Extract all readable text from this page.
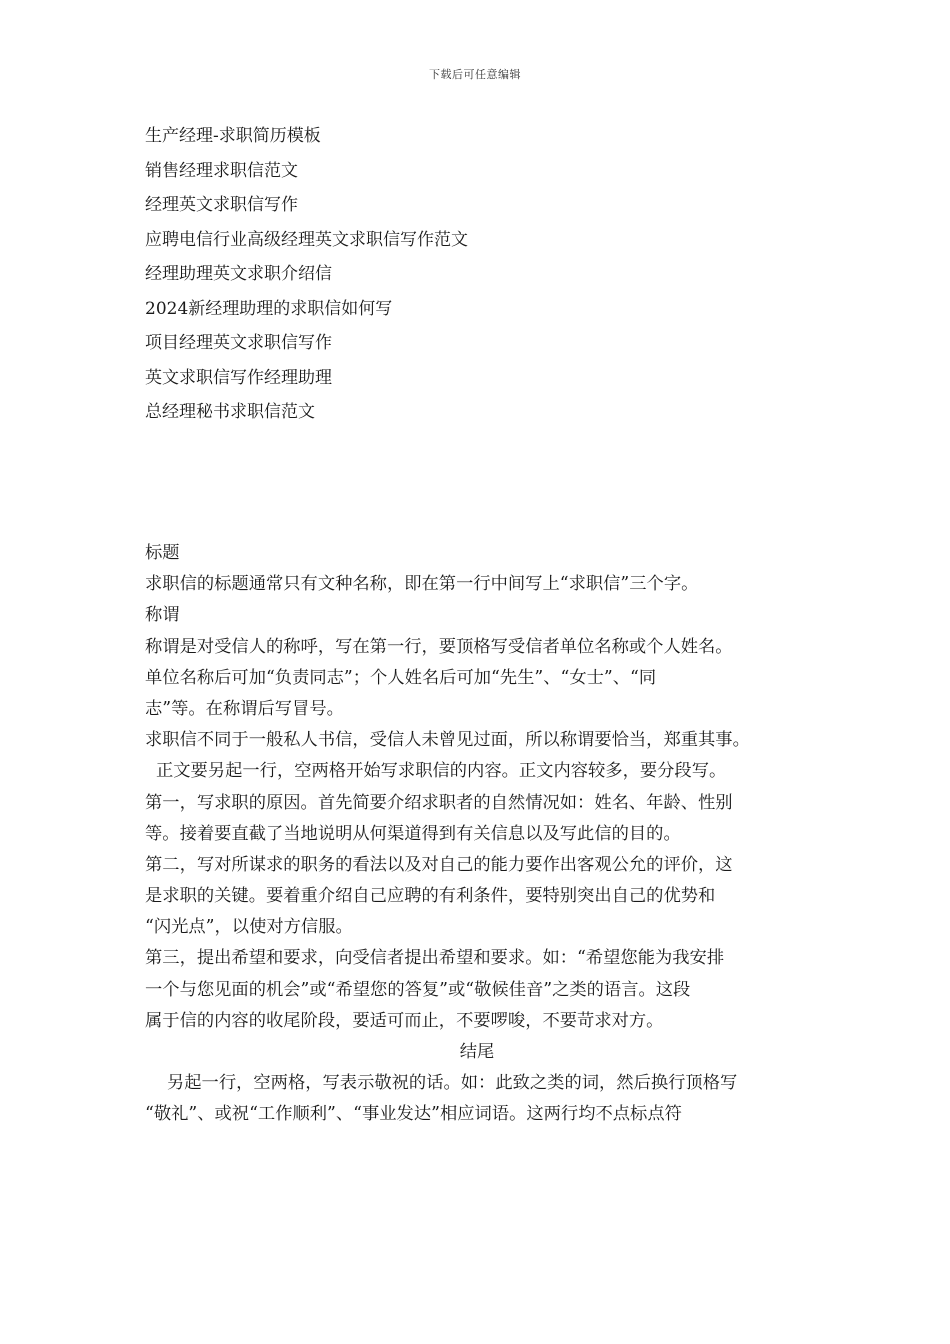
下载后可任意编辑
生产经理-求职简历模板
销售经理求职信范文
经理英文求职信写作
应聘电信行业高级经理英文求职信写作范文
经理助理英文求职介绍信
2024新经理助理的求职信如何写
项目经理英文求职信写作
英文求职信写作经理助理
总经理秘书求职信范文
标题
求职信的标题通常只有文种名称，即在第一行中间写上“求职信”三个字。
称谓
称谓是对受信人的称呼，写在第一行，要顶格写受信者单位名称或个人姓名。
单位名称后可加“负责同志”；个人姓名后可加“先生”、“女士”、“同
志”等。在称谓后写冒号。
求职信不同于一般私人书信，受信人未曾见过面，所以称谓要恰当，郑重其事。
正文要另起一行，空两格开始写求职信的内容。正文内容较多，要分段写。
第一，写求职的原因。首先简要介绍求职者的自然情况如：姓名、年龄、性别
等。接着要直截了当地说明从何渠道得到有关信息以及写此信的目的。
第二，写对所谋求的职务的看法以及对自己的能力要作出客观公允的评价，这
是求职的关键。要着重介绍自己应聘的有利条件，要特别突出自己的优势和
“闪光点”，以使对方信服。
第三，提出希望和要求，向受信者提出希望和要求。如：“希望您能为我安排
一个与您见面的机会”或“希望您的答复”或“敬候佳音”之类的语言。这段
属于信的内容的收尾阶段，要适可而止，不要啰唆，不要苛求对方。
结尾
另起一行，空两格，写表示敬祝的话。如：此致之类的词，然后换行顶格写
“敬礼”、或祝“工作顺利”、“事业发达”相应词语。这两行均不点标点符
